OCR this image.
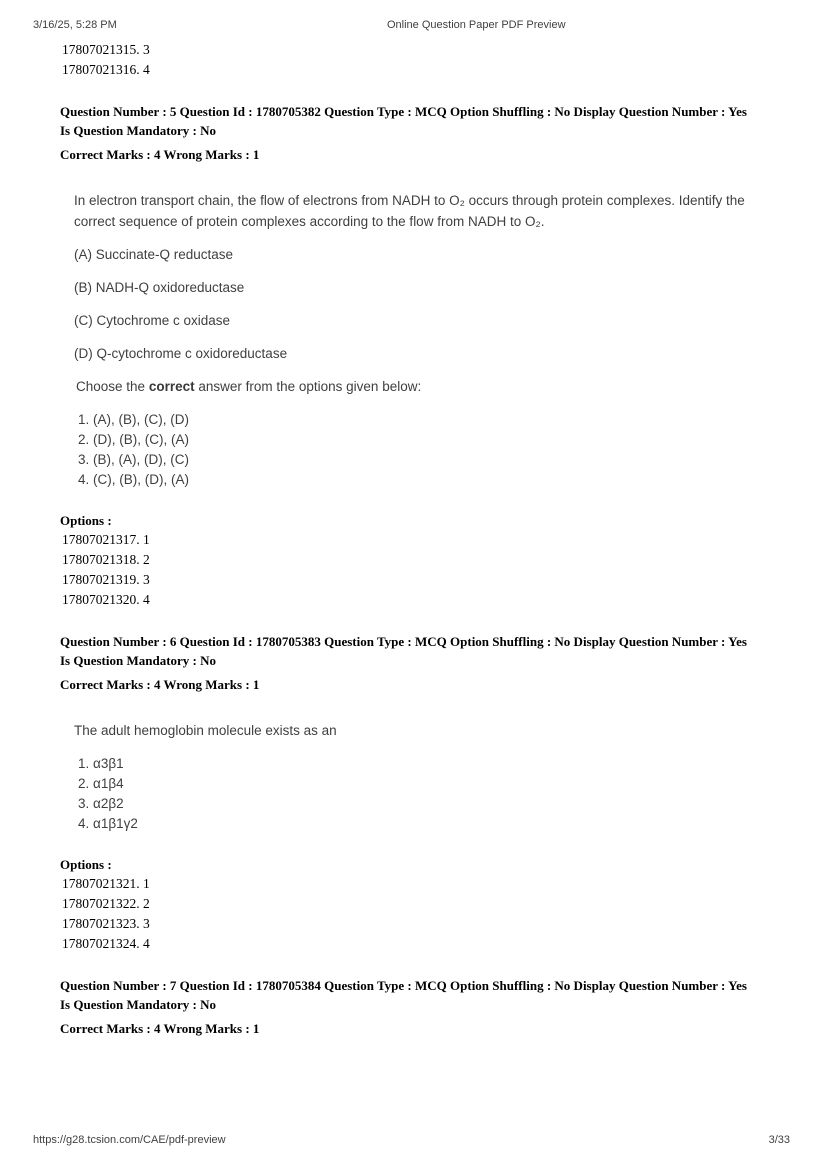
3/16/25, 5:28 PM	Online Question Paper PDF Preview
17807021315. 3
17807021316. 4
Question Number : 5 Question Id : 1780705382 Question Type : MCQ Option Shuffling : No Display Question Number : Yes
Is Question Mandatory : No
Correct Marks : 4 Wrong Marks : 1

In electron transport chain, the flow of electrons from NADH to O₂ occurs through protein complexes. Identify the correct sequence of protein complexes according to the flow from NADH to O₂.

(A) Succinate-Q reductase

(B) NADH-Q oxidoreductase

(C) Cytochrome c oxidase

(D) Q-cytochrome c oxidoreductase

Choose the correct answer from the options given below:

1. (A), (B), (C), (D)
2. (D), (B), (C), (A)
3. (B), (A), (D), (C)
4. (C), (B), (D), (A)
Options :
17807021317. 1
17807021318. 2
17807021319. 3
17807021320. 4
Question Number : 6 Question Id : 1780705383 Question Type : MCQ Option Shuffling : No Display Question Number : Yes
Is Question Mandatory : No
Correct Marks : 4 Wrong Marks : 1

The adult hemoglobin molecule exists as an

1. α3β1
2. α1β4
3. α2β2
4. α1β1γ2
Options :
17807021321. 1
17807021322. 2
17807021323. 3
17807021324. 4
Question Number : 7 Question Id : 1780705384 Question Type : MCQ Option Shuffling : No Display Question Number : Yes
Is Question Mandatory : No
Correct Marks : 4 Wrong Marks : 1
https://g28.tcsion.com/CAE/pdf-preview	3/33
